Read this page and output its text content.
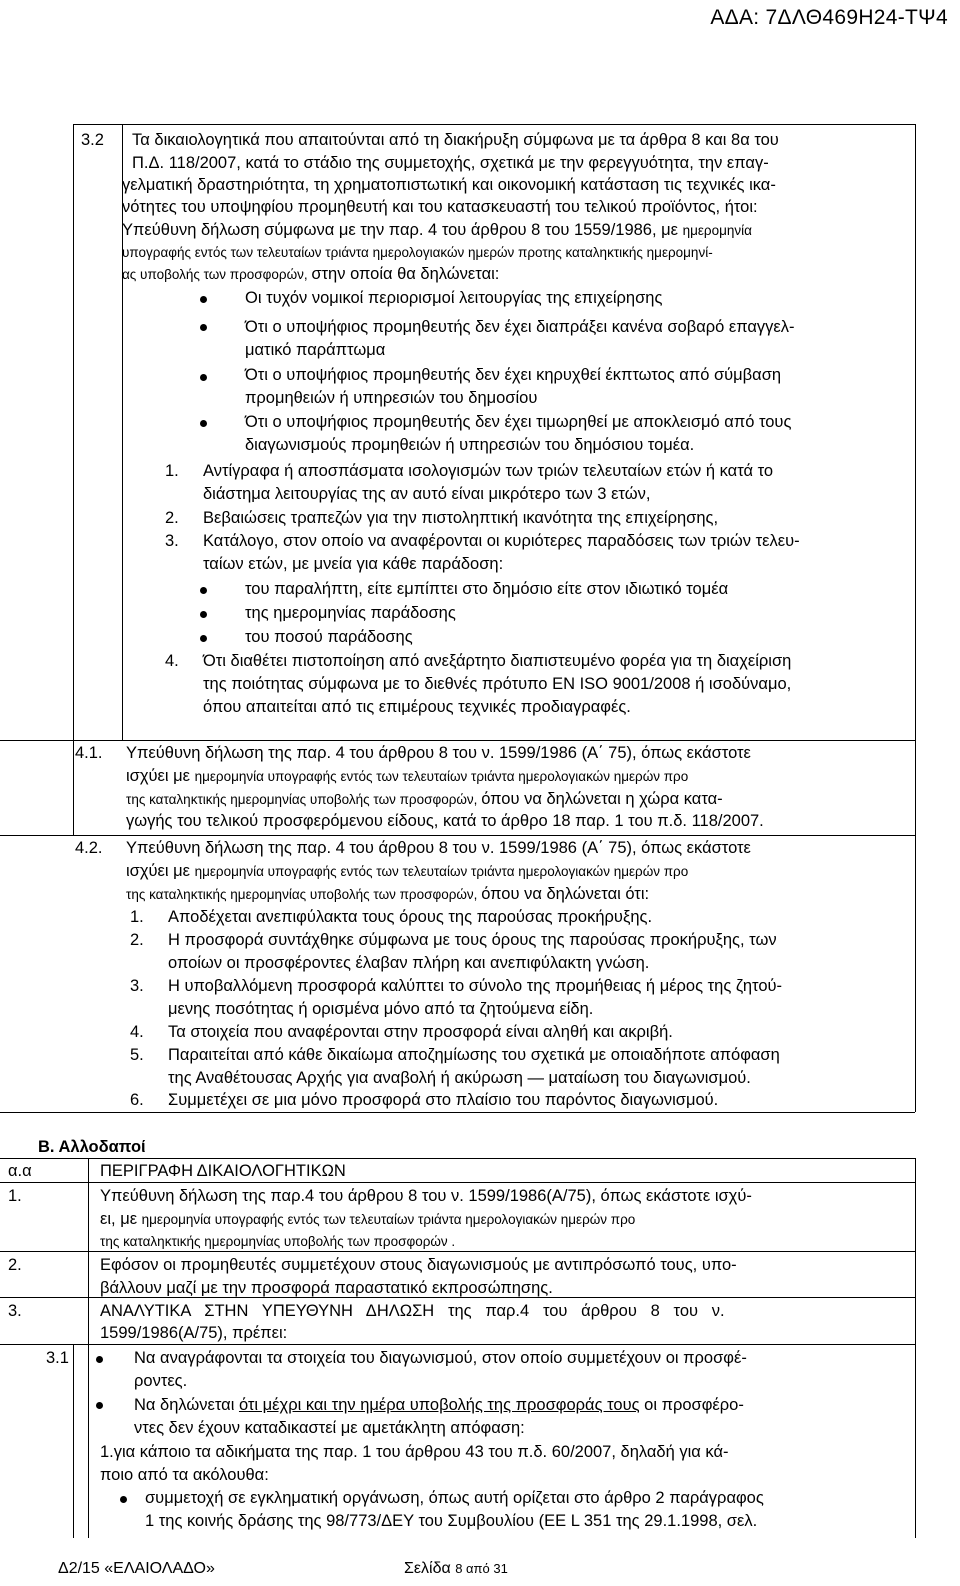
ΑΔΑ: 7ΔΛΘ469Η24-ΤΨ4
3.2 Τα δικαιολογητικά που απαιτούνται από τη διακήρυξη σύμφωνα με τα άρθρα 8 και 8α του
Π.Δ. 118/2007, κατά το στάδιο της συμμετοχής, σχετικά με την φερεγγυότητα, την επαγ-
γελματική δραστηριότητα, τη χρηματοπιστωτική και οικονομική κατάσταση τις τεχνικές ικα-
νότητες του υποψηφίου προμηθευτή και του κατασκευαστή του τελικού προϊόντος, ήτοι:
Υπεύθυνη δήλωση σύμφωνα με την παρ. 4 του άρθρου 8 του 1559/1986, με ημερομηνία
υπογραφής εντός των τελευταίων τριάντα ημερολογιακών ημερών προτης καταληκτικής ημερομηνί-
ας υποβολής των προσφορών, στην οποία θα δηλώνεται:
Οι τυχόν νομικοί περιορισμοί λειτουργίας της επιχείρησης
Ότι ο υποψήφιος προμηθευτής δεν έχει διαπράξει κανένα σοβαρό επαγγελ-
ματικό παράπτωμα
Ότι ο υποψήφιος προμηθευτής δεν έχει κηρυχθεί έκπτωτος από σύμβαση
προμηθειών ή υπηρεσιών του δημοσίου
Ότι ο υποψήφιος προμηθευτής δεν έχει τιμωρηθεί με αποκλεισμό από τους
διαγωνισμούς προμηθειών ή υπηρεσιών του δημόσιου τομέα.
1. Αντίγραφα ή αποσπάσματα ισολογισμών των τριών τελευταίων ετών ή κατά το
διάστημα λειτουργίας της αν αυτό είναι μικρότερο των 3 ετών,
2. Βεβαιώσεις τραπεζών για την πιστοληπτική ικανότητα της επιχείρησης,
3. Κατάλογο, στον οποίο να αναφέρονται οι κυριότερες παραδόσεις των τριών τελευ-
ταίων ετών, με μνεία για κάθε παράδοση:
του παραλήπτη, είτε εμπίπτει στο δημόσιο είτε στον ιδιωτικό τομέα
της ημερομηνίας παράδοσης
του ποσού παράδοσης
4. Ότι διαθέτει πιστοποίηση από ανεξάρτητο διαπιστευμένο φορέα για τη διαχείριση
της ποιότητας σύμφωνα με το διεθνές πρότυπο EN ISO 9001/2008 ή ισοδύναμο,
όπου απαιτείται από τις επιμέρους τεχνικές προδιαγραφές.
4.1. Υπεύθυνη δήλωση της παρ. 4 του άρθρου 8 του ν. 1599/1986 (Α΄ 75), όπως εκάστοτε
ισχύει με ημερομηνία υπογραφής εντός των τελευταίων τριάντα ημερολογιακών ημερών προ
της καταληκτικής ημερομηνίας υποβολής των προσφορών, όπου να δηλώνεται η χώρα κατα-
γωγής του τελικού προσφερόμενου είδους, κατά το άρθρο 18 παρ. 1 του π.δ. 118/2007.
4.2. Υπεύθυνη δήλωση της παρ. 4 του άρθρου 8 του ν. 1599/1986 (Α΄ 75), όπως εκάστοτε
ισχύει με ημερομηνία υπογραφής εντός των τελευταίων τριάντα ημερολογιακών ημερών προ
της καταληκτικής ημερομηνίας υποβολής των προσφορών, όπου να δηλώνεται ότι:
1. Αποδέχεται ανεπιφύλακτα τους όρους της παρούσας προκήρυξης.
2. Η προσφορά συντάχθηκε σύμφωνα με τους όρους της παρούσας προκήρυξης, των
οποίων οι προσφέροντες έλαβαν πλήρη και ανεπιφύλακτη γνώση.
3. Η υποβαλλόμενη προσφορά καλύπτει το σύνολο της προμήθειας ή μέρος της ζητού-
μενης ποσότητας ή ορισμένα μόνο από τα ζητούμενα είδη.
4. Τα στοιχεία που αναφέρονται στην προσφορά είναι αληθή και ακριβή.
5. Παραιτείται από κάθε δικαίωμα αποζημίωσης του σχετικά με οποιαδήποτε απόφαση
της Αναθέτουσας Αρχής για αναβολή ή ακύρωση — ματαίωση του διαγωνισμού.
6. Συμμετέχει σε μια μόνο προσφορά στο πλαίσιο του παρόντος διαγωνισμού.
Β. Αλλοδαποί
α.α	ΠΕΡΙΓΡΑΦΗ ΔΙΚΑΙΟΛΟΓΗΤΙΚΩΝ
1.	Υπεύθυνη δήλωση της παρ.4 του άρθρου 8 του ν. 1599/1986(Α/75), όπως εκάστοτε ισχύ-
ει, με ημερομηνία υπογραφής εντός των τελευταίων τριάντα ημερολογιακών ημερών προ
της καταληκτικής ημερομηνίας υποβολής των προσφορών .
2.	Εφόσον οι προμηθευτές συμμετέχουν στους διαγωνισμούς με αντιπρόσωπό τους, υπο-
βάλλουν μαζί με την προσφορά παραστατικό εκπροσώπησης.
3.	ΑΝΑΛΥΤΙΚΑ   ΣΤΗΝ   ΥΠΕΥΘΥΝΗ   ΔΗΛΩΣΗ   της   παρ.4   του   άρθρου   8   του   ν.
1599/1986(Α/75), πρέπει:
3.1	Να αναγράφονται τα στοιχεία του διαγωνισμού, στον οποίο συμμετέχουν οι προσφέ-
ροντες.
Να δηλώνεται ότι μέχρι και την ημέρα υποβολής της προσφοράς τους οι προσφέρο-
ντες δεν έχουν καταδικαστεί με αμετάκλητη απόφαση:
1.για κάποιο τα αδικήματα της παρ. 1 του άρθρου 43 του π.δ. 60/2007, δηλαδή για κά-
ποιο από τα ακόλουθα:
συμμετοχή σε εγκληματική οργάνωση, όπως αυτή ορίζεται στο άρθρο 2 παράγραφος
1 της κοινής δράσης της 98/773/ΔΕΥ του Συμβουλίου (ΕΕ L 351 της 29.1.1998, σελ.
Δ2/15 «ΕΛΑΙΟΛΑΔΟ»	Σελίδα 8 από 31
